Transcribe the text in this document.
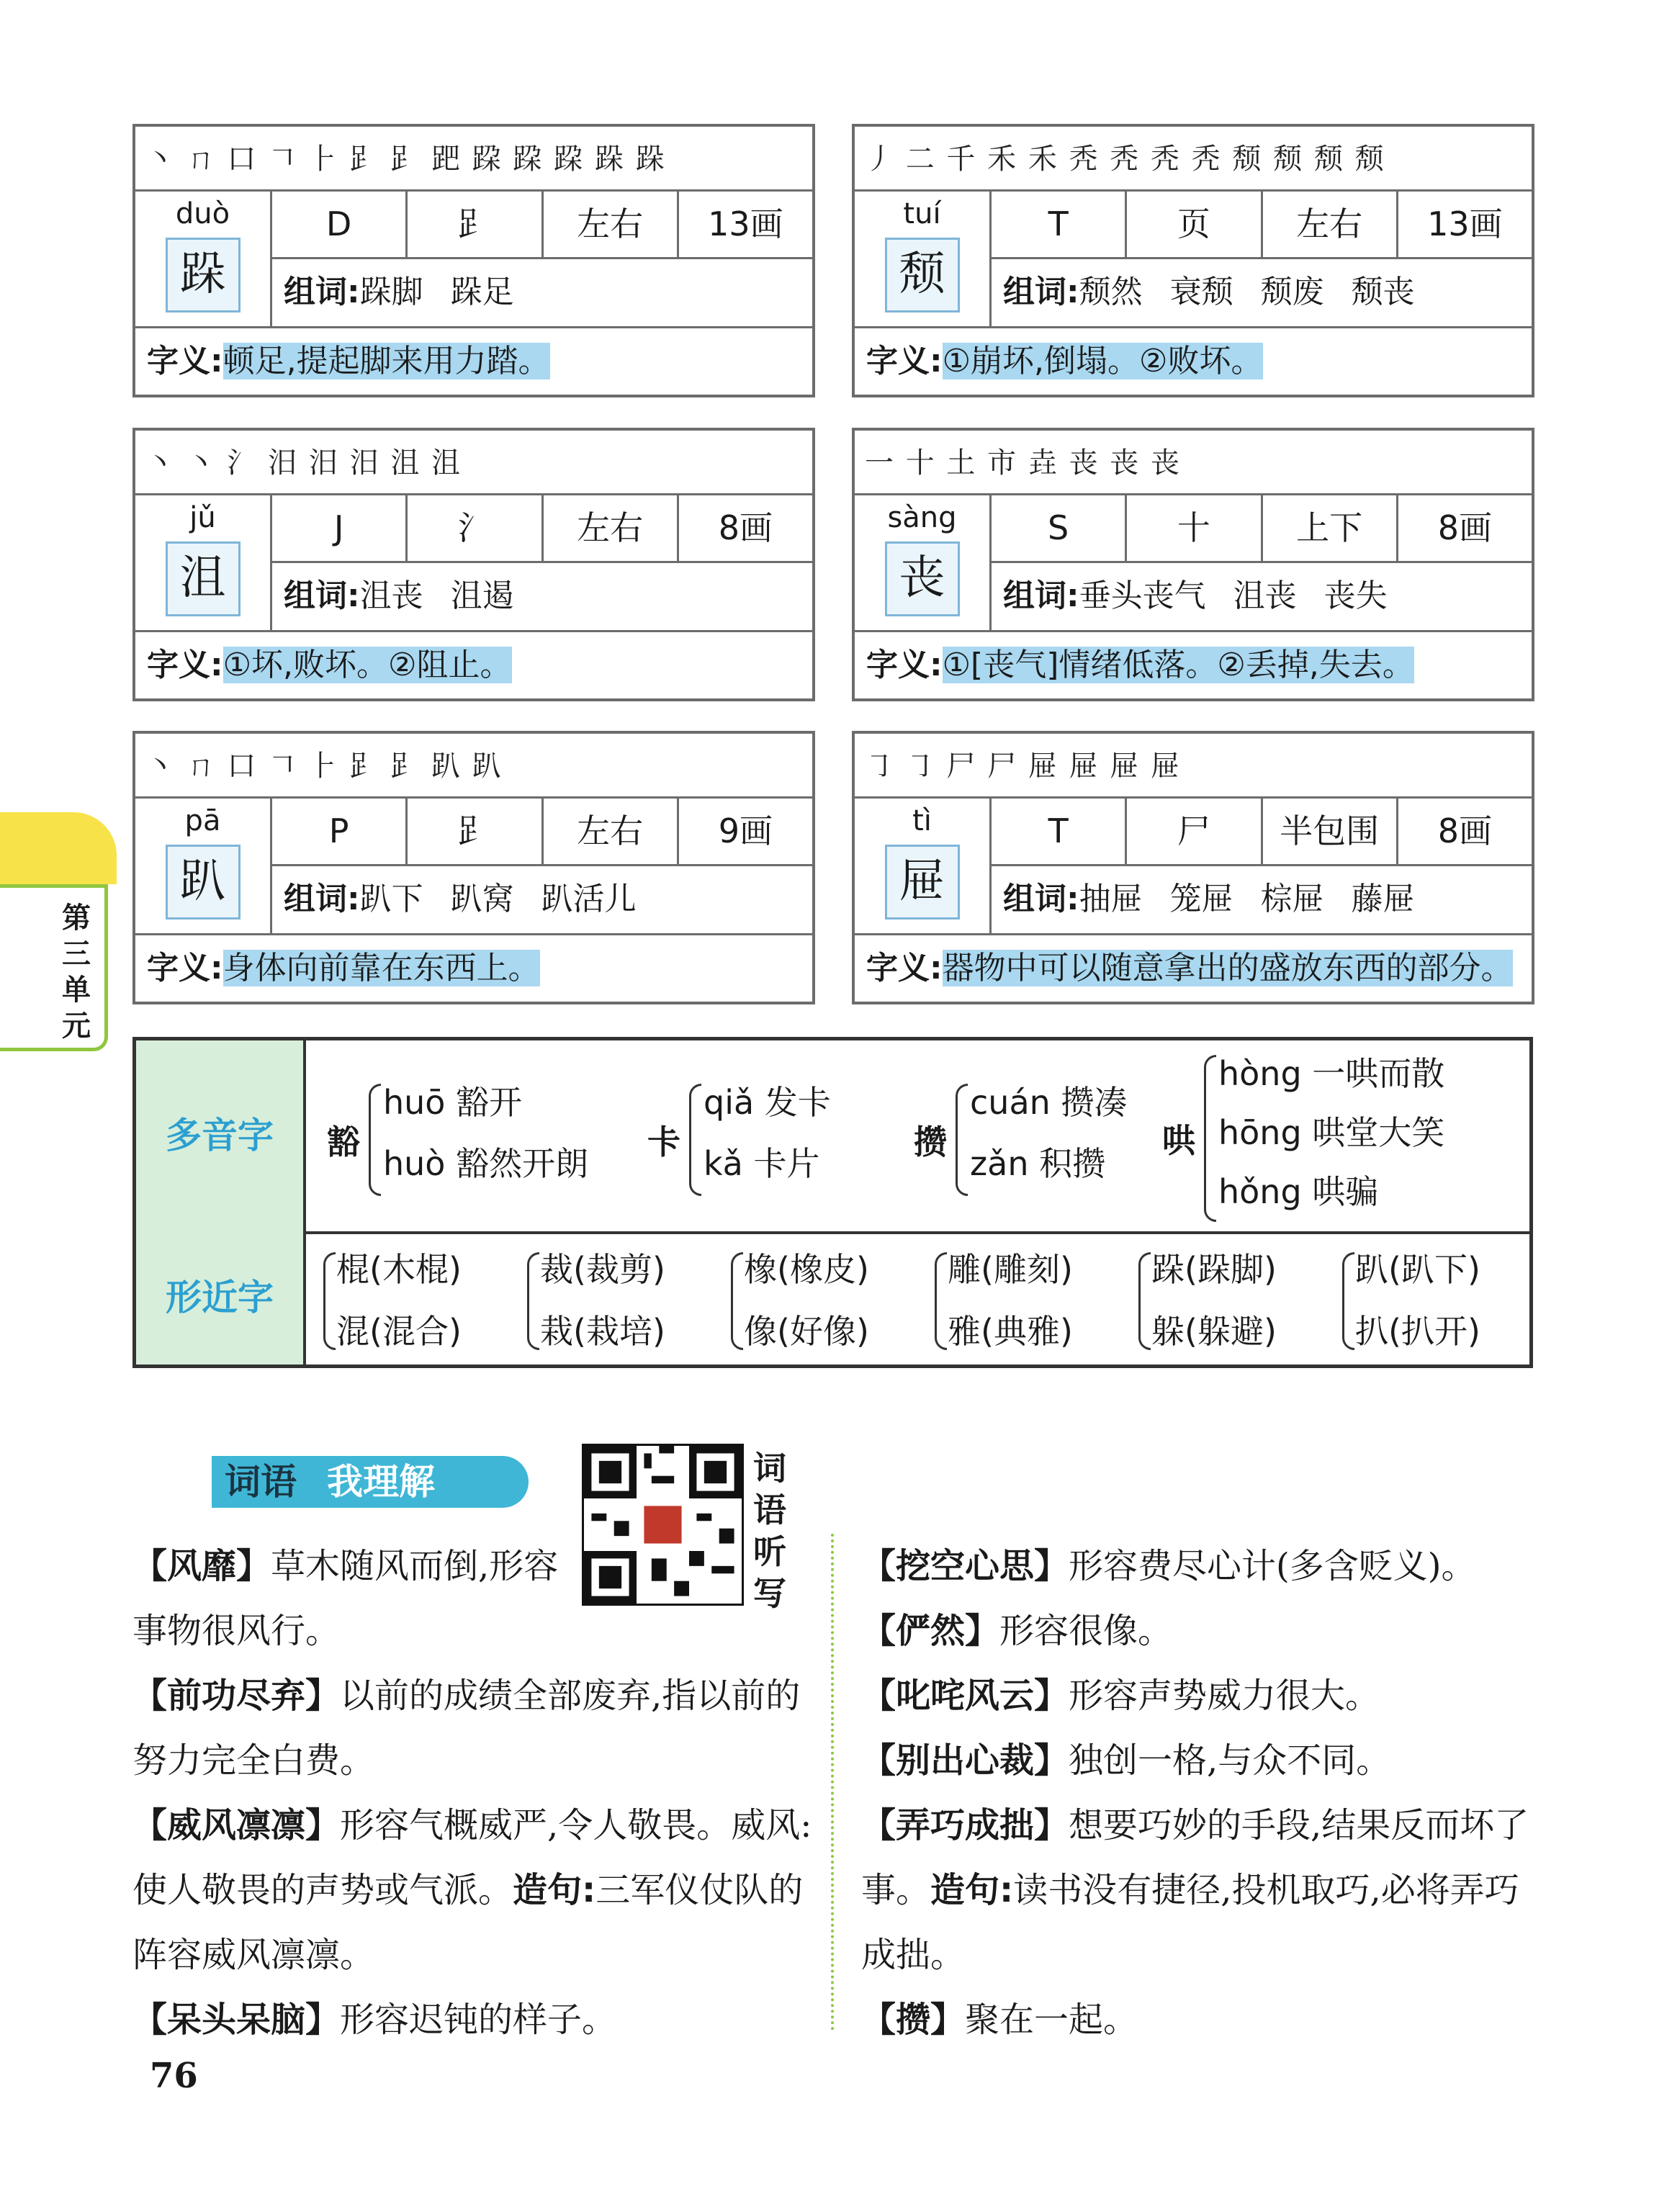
丶 ㄇ 口 𠃍 ⺊ 𧾷 𧾷 跁 跥 跥 跥 跺 跺
duò
跺
D	𧾷	左右	13画
组词:跺脚 跺足
字义:顿足,提起脚来用力踏。
丿 二 千 禾 禾 秃 秃 秃 秃 颓 颓 颓 颓
tuí
颓
T	页	左右	13画
组词:颓然 衰颓 颓废 颓丧
字义:①崩坏,倒塌。②败坏。
丶 丶 氵 汨 汨 汨 沮 沮
jǔ
沮
J	氵	左右	8画
组词:沮丧 沮遏
字义:①坏,败坏。②阻止。
一 十 土 市 垚 丧 丧 丧
sàng
丧
S	十	上下	8画
组词:垂头丧气 沮丧 丧失
字义:①[丧气]情绪低落。②丢掉,失去。
丶 ㄇ 口 𠃍 ⺊ 𧾷 𧾷 趴 趴
pā
趴
P	𧾷	左右	9画
组词:趴下 趴窝 趴活儿
字义:身体向前靠在东西上。
㇆ ㇆ 尸 尸 屉 屉 屉 屉
tì
屉
T	尸	半包围	8画
组词:抽屉 笼屉 棕屉 藤屉
字义:器物中可以随意拿出的盛放东西的部分。
第三单元
多音字
形近字
豁
huō 豁开
huò 豁然开朗
卡
qiǎ 发卡
kǎ 卡片
攒
cuán 攒凑
zǎn 积攒
哄
hòng 一哄而散
hōng 哄堂大笑
hǒng 哄骗
棍(木棍)
混(混合)
裁(裁剪)
栽(栽培)
橡(橡皮)
像(好像)
雕(雕刻)
雅(典雅)
跺(跺脚)
躲(躲避)
趴(趴下)
扒(扒开)
词语 我理解	词语听写

【风靡】草木随风而倒,形容事物很风行。

【前功尽弃】以前的成绩全部废弃,指以前的努力完全白费。

【威风凛凛】形容气概威严,令人敬畏。威风:使人敬畏的声势或气派。造句:三军仪仗队的阵容威风凛凛。

【呆头呆脑】形容迟钝的样子。

【挖空心思】形容费尽心计(多含贬义)。

【俨然】形容很像。

【叱咤风云】形容声势威力很大。

【别出心裁】独创一格,与众不同。

【弄巧成拙】想要巧妙的手段,结果反而坏了事。造句:读书没有捷径,投机取巧,必将弄巧成拙。

【攒】聚在一起。

76
